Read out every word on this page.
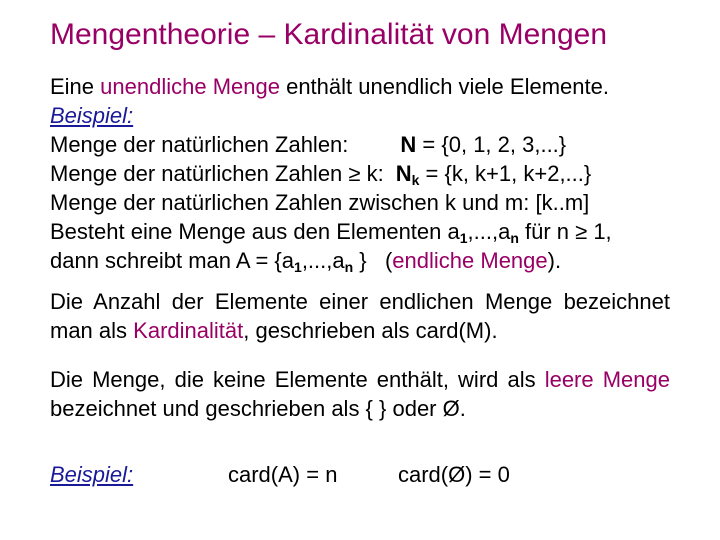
Mengentheorie – Kardinalität von Mengen
Eine unendliche Menge enthält unendlich viele Elemente.
Beispiel:
Menge der natürlichen Zahlen: N = {0, 1, 2, 3,...}
Menge der natürlichen Zahlen ≥ k: $N_k = \{k$, k+1, k+2,...}
Menge der natürlichen Zahlen zwischen k und m: [k..m]
Besteht eine Menge aus den Elementen $a_1,...,a_n$ für n ≥ 1,
dann schreibt man $A = \{a_1,...,a_n$ }   (endliche Menge).
Die Anzahl der Elemente einer endlichen Menge bezeichnet man als Kardinalität, geschrieben als card(M).
Die Menge, die keine Elemente enthält, wird als leere Menge bezeichnet und geschrieben als { } oder Ø.
Beispiel:	card(A) = n	card(Ø) = 0
